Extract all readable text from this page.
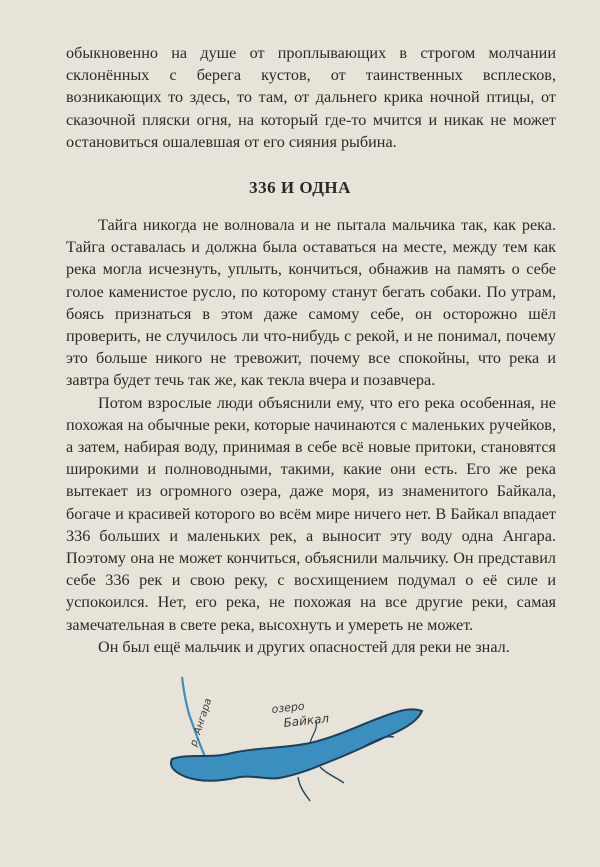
обыкновенно на душе от проплывающих в строгом молчании склонённых с берега кустов, от таинственных всплесков, возникающих то здесь, то там, от дальнего крика ночной птицы, от сказочной пляски огня, на который где-то мчится и никак не может остановиться ошалевшая от его сияния рыбина.

336 И ОДНА

Тайга никогда не волновала и не пытала мальчика так, как река. Тайга оставалась и должна была оставаться на месте, между тем как река могла исчезнуть, уплыть, кончиться, обнажив на память о себе голое каменистое русло, по которому станут бегать собаки. По утрам, боясь признаться в этом даже самому себе, он осторожно шёл проверить, не случилось ли что-нибудь с рекой, и не понимал, почему это больше никого не тревожит, почему все спокойны, что река и завтра будет течь так же, как текла вчера и позавчера.

Потом взрослые люди объяснили ему, что его река особенная, не похожая на обычные реки, которые начинаются с маленьких ручейков, а затем, набирая воду, принимая в себе всё новые притоки, становятся широкими и полноводными, такими, какие они есть. Его же река вытекает из огромного озера, даже моря, из знаменитого Байкала, богаче и красивей которого во всём мире ничего нет. В Байкал впадает 336 больших и маленьких рек, а выносит эту воду одна Ангара. Поэтому она не может кончиться, объяснили мальчику. Он представил себе 336 рек и свою реку, с восхищением подумал о её силе и успокоился. Нет, его река, не похожая на все другие реки, самая замечательная в свете река, высохнуть и умереть не может.

Он был ещё мальчик и других опасностей для реки не знал.

р. Ангара	озеро
Байкал
